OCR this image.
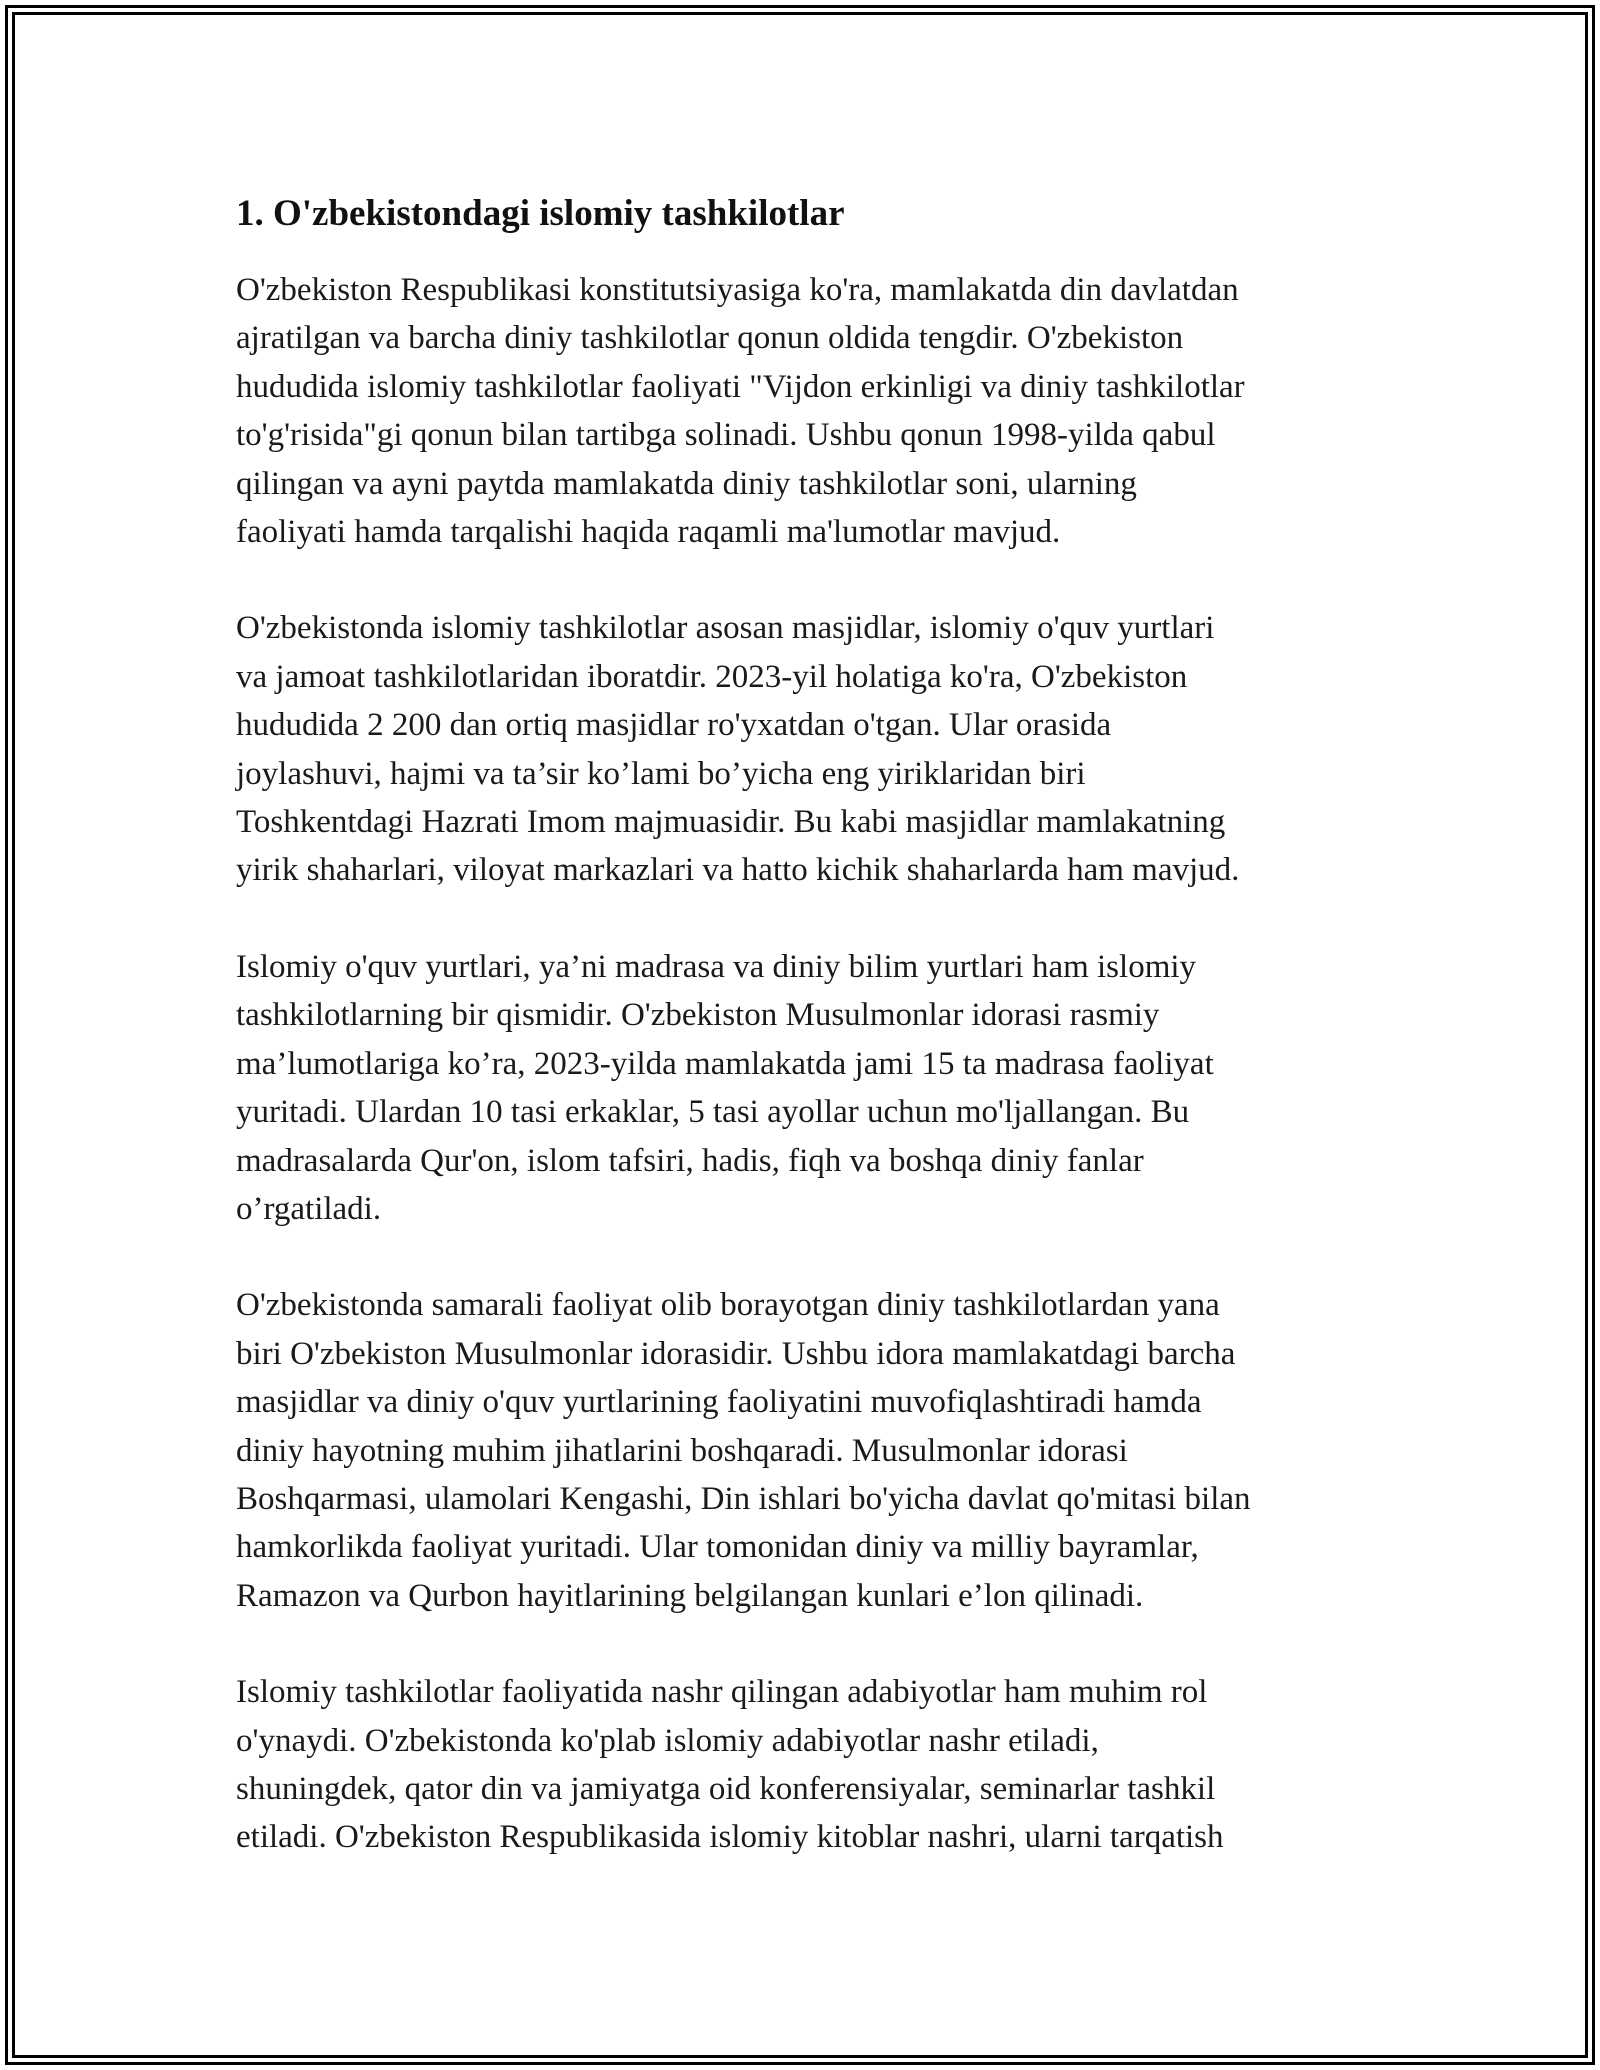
1. O'zbekistondagi islomiy tashkilotlar

O'zbekiston Respublikasi konstitutsiyasiga ko'ra, mamlakatda din davlatdan
ajratilgan va barcha diniy tashkilotlar qonun oldida tengdir. O'zbekiston
hududida islomiy tashkilotlar faoliyati "Vijdon erkinligi va diniy tashkilotlar
to'g'risida"gi qonun bilan tartibga solinadi. Ushbu qonun 1998-yilda qabul
qilingan va ayni paytda mamlakatda diniy tashkilotlar soni, ularning
faoliyati hamda tarqalishi haqida raqamli ma'lumotlar mavjud.

O'zbekistonda islomiy tashkilotlar asosan masjidlar, islomiy o'quv yurtlari
va jamoat tashkilotlaridan iboratdir. 2023-yil holatiga ko'ra, O'zbekiston
hududida 2 200 dan ortiq masjidlar ro'yxatdan o'tgan. Ular orasida
joylashuvi, hajmi va ta’sir ko’lami bo’yicha eng yiriklaridan biri
Toshkentdagi Hazrati Imom majmuasidir. Bu kabi masjidlar mamlakatning
yirik shaharlari, viloyat markazlari va hatto kichik shaharlarda ham mavjud.

Islomiy o'quv yurtlari, ya’ni madrasa va diniy bilim yurtlari ham islomiy
tashkilotlarning bir qismidir. O'zbekiston Musulmonlar idorasi rasmiy
ma’lumotlariga ko’ra, 2023-yilda mamlakatda jami 15 ta madrasa faoliyat
yuritadi. Ulardan 10 tasi erkaklar, 5 tasi ayollar uchun mo'ljallangan. Bu
madrasalarda Qur'on, islom tafsiri, hadis, fiqh va boshqa diniy fanlar
o’rgatiladi.

O'zbekistonda samarali faoliyat olib borayotgan diniy tashkilotlardan yana
biri O'zbekiston Musulmonlar idorasidir. Ushbu idora mamlakatdagi barcha
masjidlar va diniy o'quv yurtlarining faoliyatini muvofiqlashtiradi hamda
diniy hayotning muhim jihatlarini boshqaradi. Musulmonlar idorasi
Boshqarmasi, ulamolari Kengashi, Din ishlari bo'yicha davlat qo'mitasi bilan
hamkorlikda faoliyat yuritadi. Ular tomonidan diniy va milliy bayramlar,
Ramazon va Qurbon hayitlarining belgilangan kunlari e’lon qilinadi.

Islomiy tashkilotlar faoliyatida nashr qilingan adabiyotlar ham muhim rol
o'ynaydi. O'zbekistonda ko'plab islomiy adabiyotlar nashr etiladi,
shuningdek, qator din va jamiyatga oid konferensiyalar, seminarlar tashkil
etiladi. O'zbekiston Respublikasida islomiy kitoblar nashri, ularni tarqatish
